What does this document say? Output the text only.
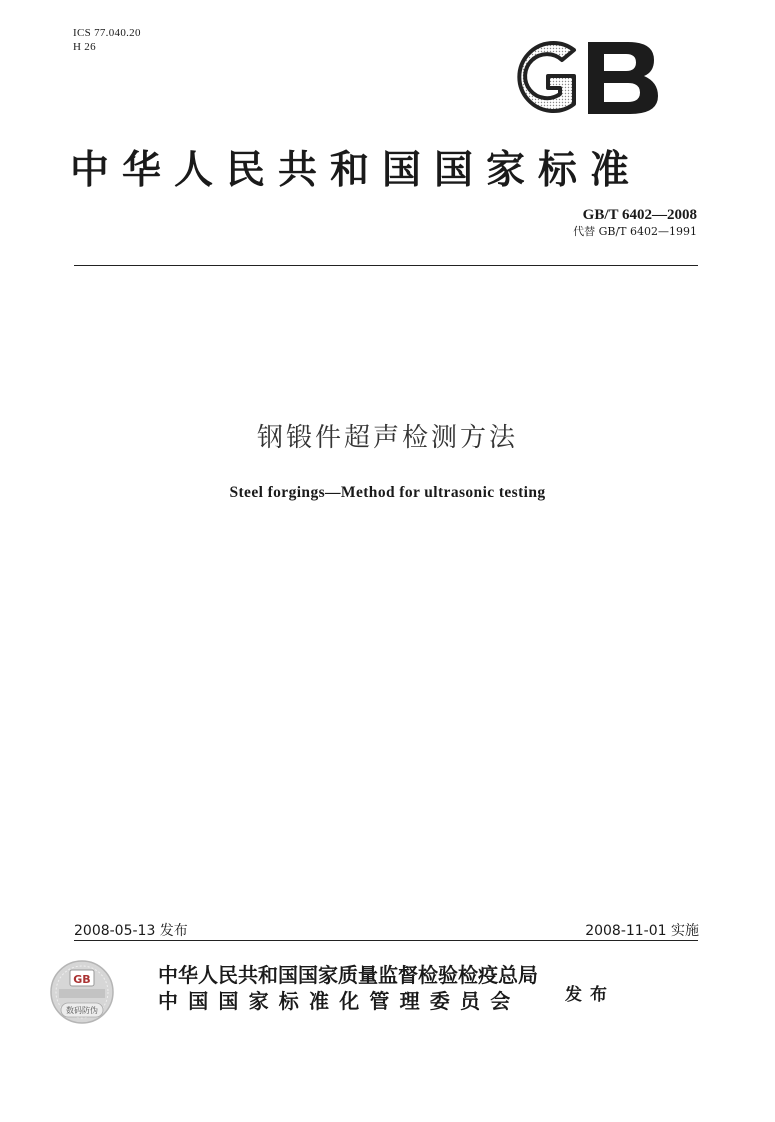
ICS 77.040.20
H 26
中华人民共和国国家标准
GB/T 6402—2008
代替 GB/T 6402—1991
钢锻件超声检测方法
Steel forgings—Method for ultrasonic testing
2008-05-13 发布	2008-11-01 实施
GB
数码防伪
中华人民共和国国家质量监督检验检疫总局
中国国家标准化管理委员会	发布
